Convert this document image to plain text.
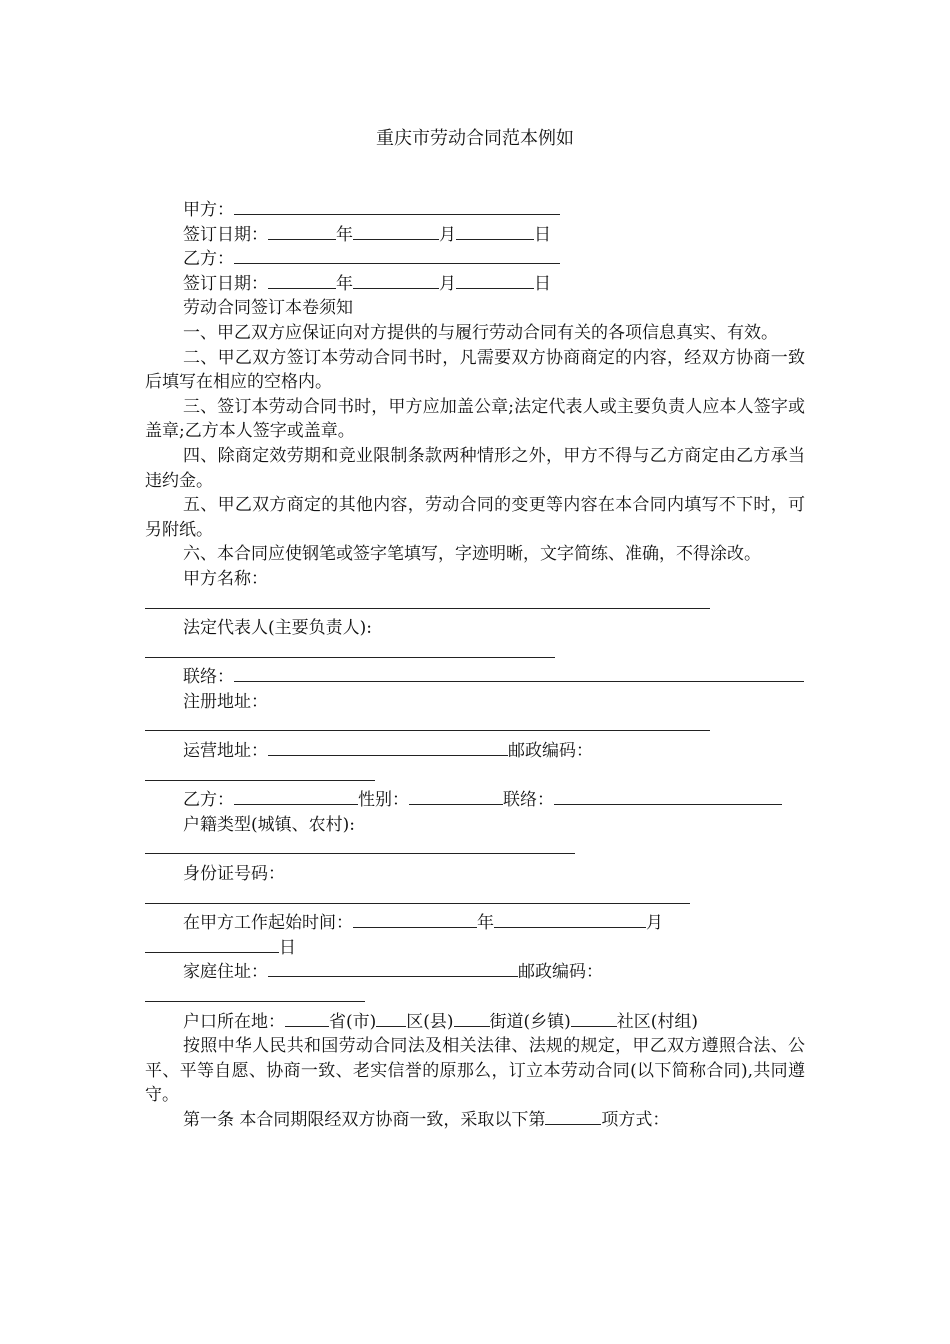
重庆市劳动合同范本例如
甲方：
签订日期：	年	月	日
乙方：
签订日期：	年	月	日
劳动合同签订本卷须知
一、甲乙双方应保证向对方提供的与履行劳动合同有关的各项信息真实、有效。
二、甲乙双方签订本劳动合同书时，凡需要双方协商商定的内容，经双方协商一致后填写在相应的空格内。
三、签订本劳动合同书时，甲方应加盖公章;法定代表人或主要负责人应本人签字或盖章;乙方本人签字或盖章。
四、除商定效劳期和竞业限制条款两种情形之外，甲方不得与乙方商定由乙方承当违约金。
五、甲乙双方商定的其他内容，劳动合同的变更等内容在本合同内填写不下时，可另附纸。
六、本合同应使钢笔或签字笔填写，字迹明晰，文字简练、准确，不得涂改。
甲方名称：
法定代表人(主要负责人):
联络：
注册地址：
运营地址：	邮政编码：
乙方：	性别：	联络：
户籍类型(城镇、农村):
身份证号码：
在甲方工作起始时间：	年	月
日
家庭住址：	邮政编码：
户口所在地：	省(市) 区(县) 街道(乡镇)	社区(村组)
按照中华人民共和国劳动合同法及相关法律、法规的规定，甲乙双方遵照合法、公平、平等自愿、协商一致、老实信誉的原那么，订立本劳动合同(以下简称合同),共同遵守。
第一条 本合同期限经双方协商一致，采取以下第	项方式：
